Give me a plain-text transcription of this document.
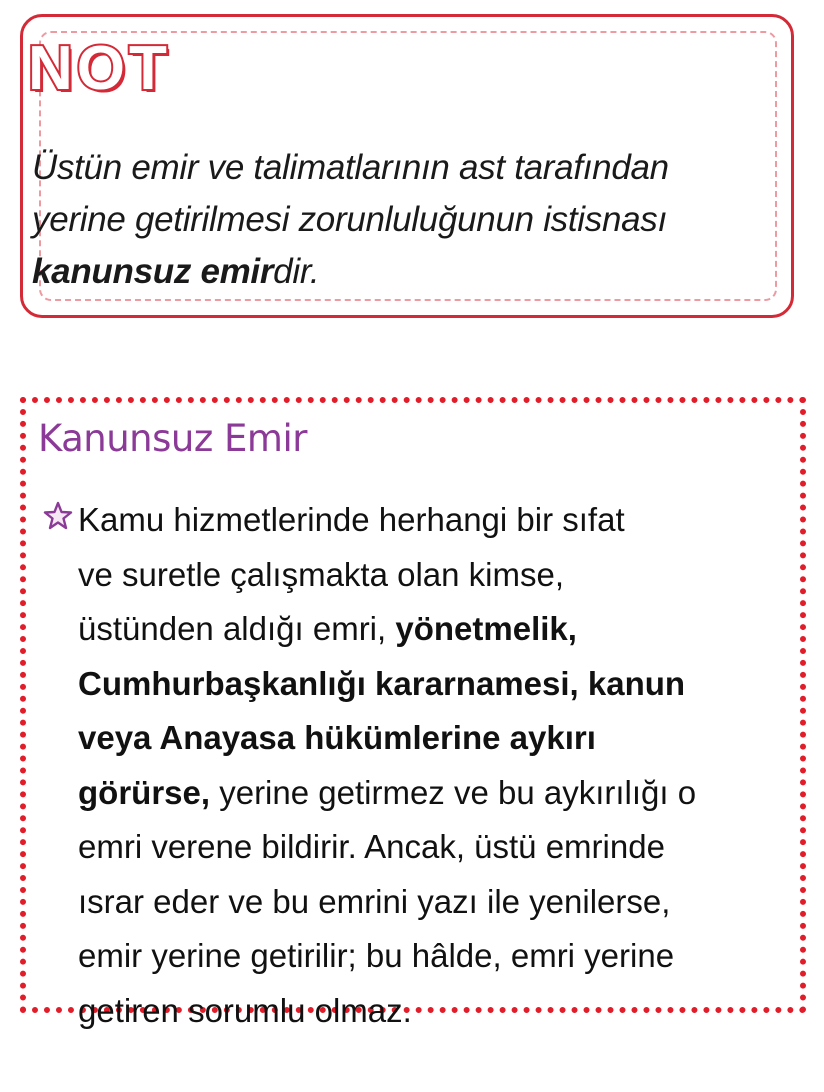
NOT

Üstün emir ve talimatlarının ast tarafından
yerine getirilmesi zorunluluğunun istisnası
kanunsuz emirdir.

Kanunsuz Emir

Kamu hizmetlerinde herhangi bir sıfat
ve suretle çalışmakta olan kimse,
üstünden aldığı emri, yönetmelik,
Cumhurbaşkanlığı kararnamesi, kanun
veya Anayasa hükümlerine aykırı
görürse, yerine getirmez ve bu aykırılığı o
emri verene bildirir. Ancak, üstü emrinde
ısrar eder ve bu emrini yazı ile yenilerse,
emir yerine getirilir; bu hâlde, emri yerine
getiren sorumlu olmaz.
